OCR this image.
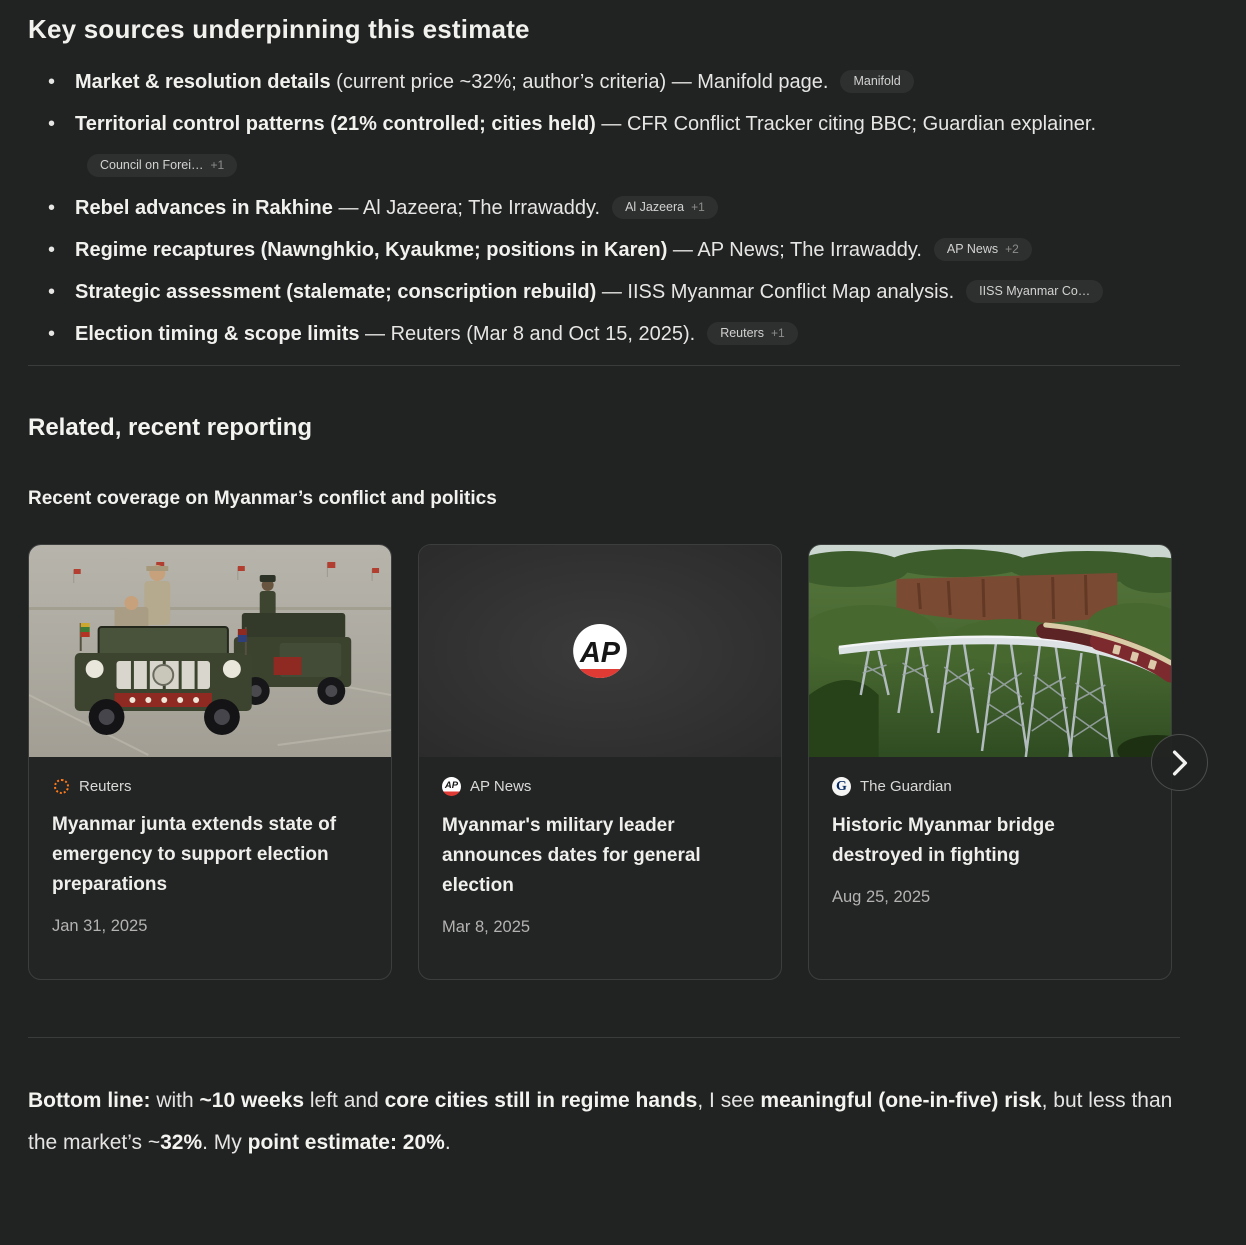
Key sources underpinning this estimate
• Market & resolution details (current price ~32%; author’s criteria) — Manifold page. Manifold
• Territorial control patterns (21% controlled; cities held) — CFR Conflict Tracker citing BBC; Guardian explainer.
Council on Forei… +1
• Rebel advances in Rakhine — Al Jazeera; The Irrawaddy. Al Jazeera +1
• Regime recaptures (Nawnghkio, Kyaukme; positions in Karen) — AP News; The Irrawaddy. AP News +2
• Strategic assessment (stalemate; conscription rebuild) — IISS Myanmar Conflict Map analysis. IISS Myanmar Co…
• Election timing & scope limits — Reuters (Mar 8 and Oct 15, 2025). Reuters +1
Related, recent reporting
Recent coverage on Myanmar’s conflict and politics
Reuters
Myanmar junta extends state of emergency to support election preparations
Jan 31, 2025
AP
AP AP News
Myanmar's military leader announces dates for general election
Mar 8, 2025
G The Guardian
Historic Myanmar bridge destroyed in fighting
Aug 25, 2025

Bottom line: with ~10 weeks left and core cities still in regime hands, I see meaningful (one-in-five) risk, but less than the market’s ~32%. My point estimate: 20%.
